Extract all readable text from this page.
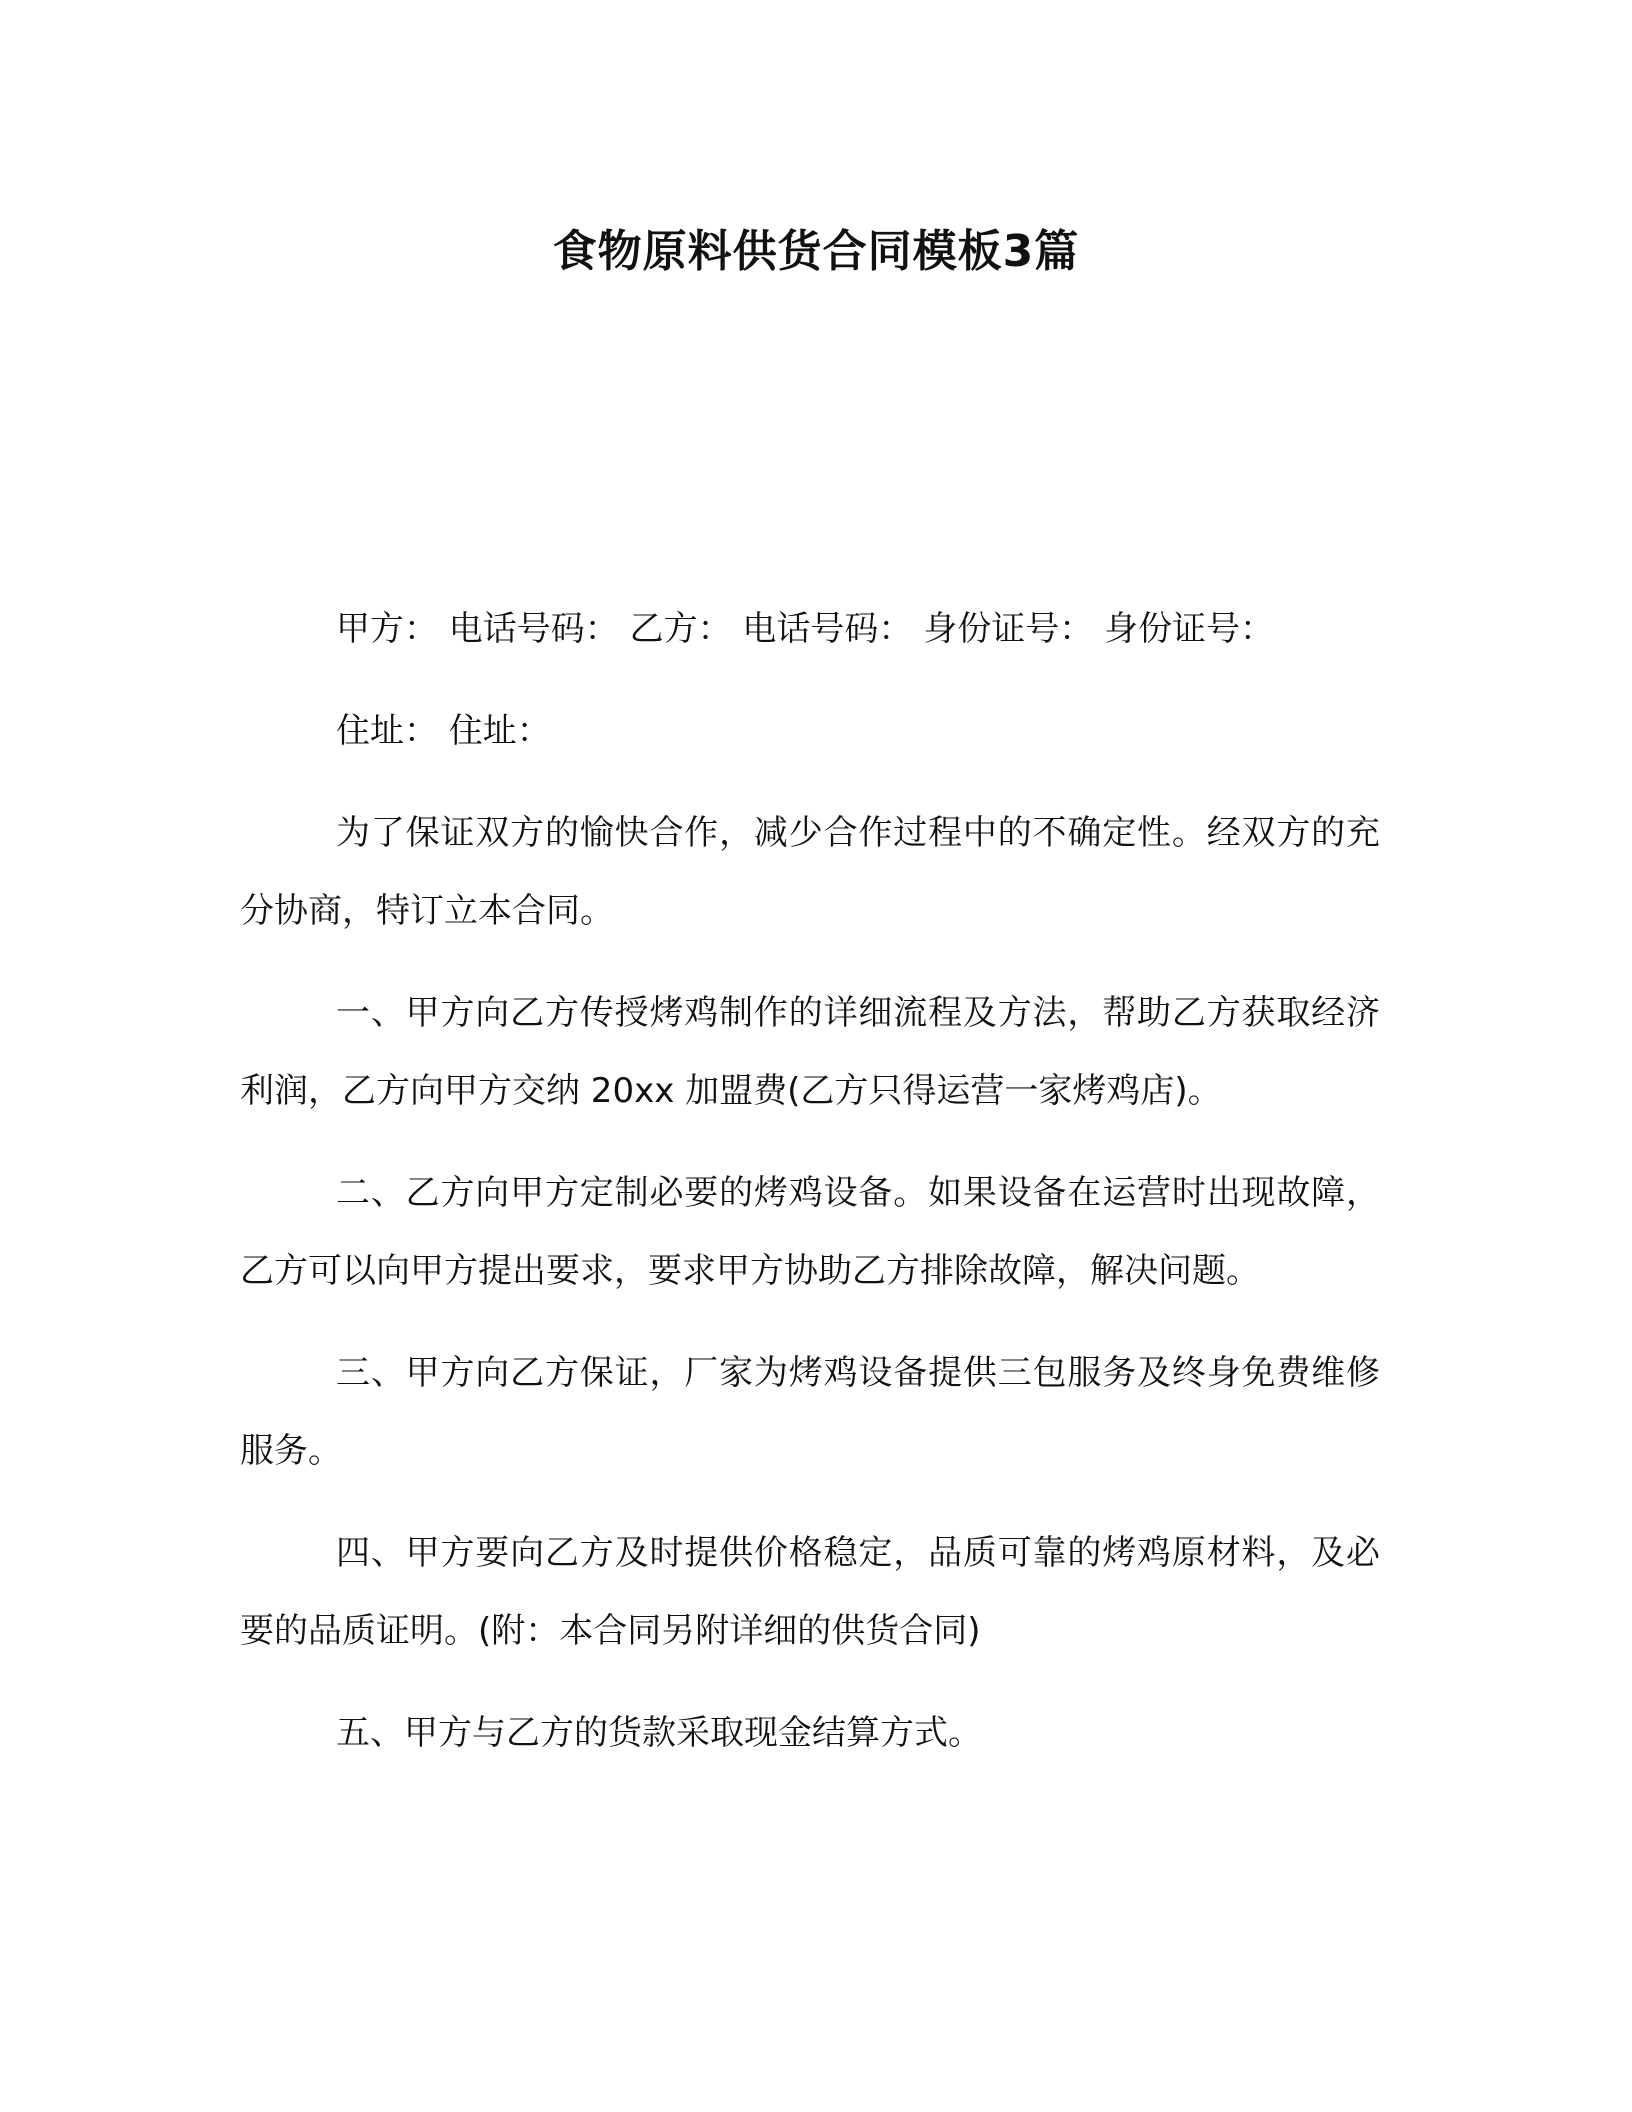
食物原料供货合同模板3篇

甲方： 电话号码： 乙方： 电话号码： 身份证号： 身份证号：

住址： 住址：

为了保证双方的愉快合作，减少合作过程中的不确定性。经双方的充分协商，特订立本合同。

一、甲方向乙方传授烤鸡制作的详细流程及方法，帮助乙方获取经济利润，乙方向甲方交纳 20xx 加盟费(乙方只得运营一家烤鸡店)。

二、乙方向甲方定制必要的烤鸡设备。如果设备在运营时出现故障，乙方可以向甲方提出要求，要求甲方协助乙方排除故障，解决问题。

三、甲方向乙方保证，厂家为烤鸡设备提供三包服务及终身免费维修服务。

四、甲方要向乙方及时提供价格稳定，品质可靠的烤鸡原材料，及必要的品质证明。(附：本合同另附详细的供货合同)

五、甲方与乙方的货款采取现金结算方式。
